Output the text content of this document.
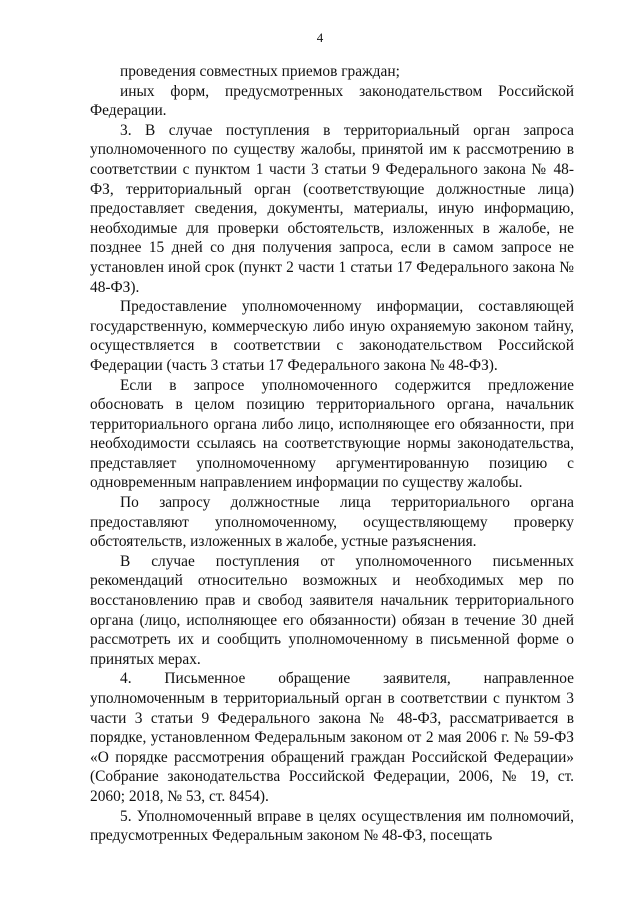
4

проведения совместных приемов граждан;

иных форм, предусмотренных законодательством Российской Федерации.

3. В случае поступления в территориальный орган запроса уполномоченного по существу жалобы, принятой им к рассмотрению в соответствии с пунктом 1 части 3 статьи 9 Федерального закона № 48-ФЗ, территориальный орган (соответствующие должностные лица) предоставляет сведения, документы, материалы, иную информацию, необходимые для проверки обстоятельств, изложенных в жалобе, не позднее 15 дней со дня получения запроса, если в самом запросе не установлен иной срок (пункт 2 части 1 статьи 17 Федерального закона № 48-ФЗ).

Предоставление уполномоченному информации, составляющей государственную, коммерческую либо иную охраняемую законом тайну, осуществляется в соответствии с законодательством Российской Федерации (часть 3 статьи 17 Федерального закона № 48-ФЗ).

Если в запросе уполномоченного содержится предложение обосновать в целом позицию территориального органа, начальник территориального органа либо лицо, исполняющее его обязанности, при необходимости ссылаясь на соответствующие нормы законодательства, представляет уполномоченному аргументированную позицию с одновременным направлением информации по существу жалобы.

По запросу должностные лица территориального органа предоставляют уполномоченному, осуществляющему проверку обстоятельств, изложенных в жалобе, устные разъяснения.

В случае поступления от уполномоченного письменных рекомендаций относительно возможных и необходимых мер по восстановлению прав и свобод заявителя начальник территориального органа (лицо, исполняющее его обязанности) обязан в течение 30 дней рассмотреть их и сообщить уполномоченному в письменной форме о принятых мерах.

4. Письменное обращение заявителя, направленное уполномоченным в территориальный орган в соответствии с пунктом 3 части 3 статьи 9 Федерального закона № 48-ФЗ, рассматривается в порядке, установленном Федеральным законом от 2 мая 2006 г. № 59-ФЗ «О порядке рассмотрения обращений граждан Российской Федерации» (Собрание законодательства Российской Федерации, 2006, № 19, ст. 2060; 2018, № 53, ст. 8454).

5. Уполномоченный вправе в целях осуществления им полномочий, предусмотренных Федеральным законом № 48-ФЗ, посещать
